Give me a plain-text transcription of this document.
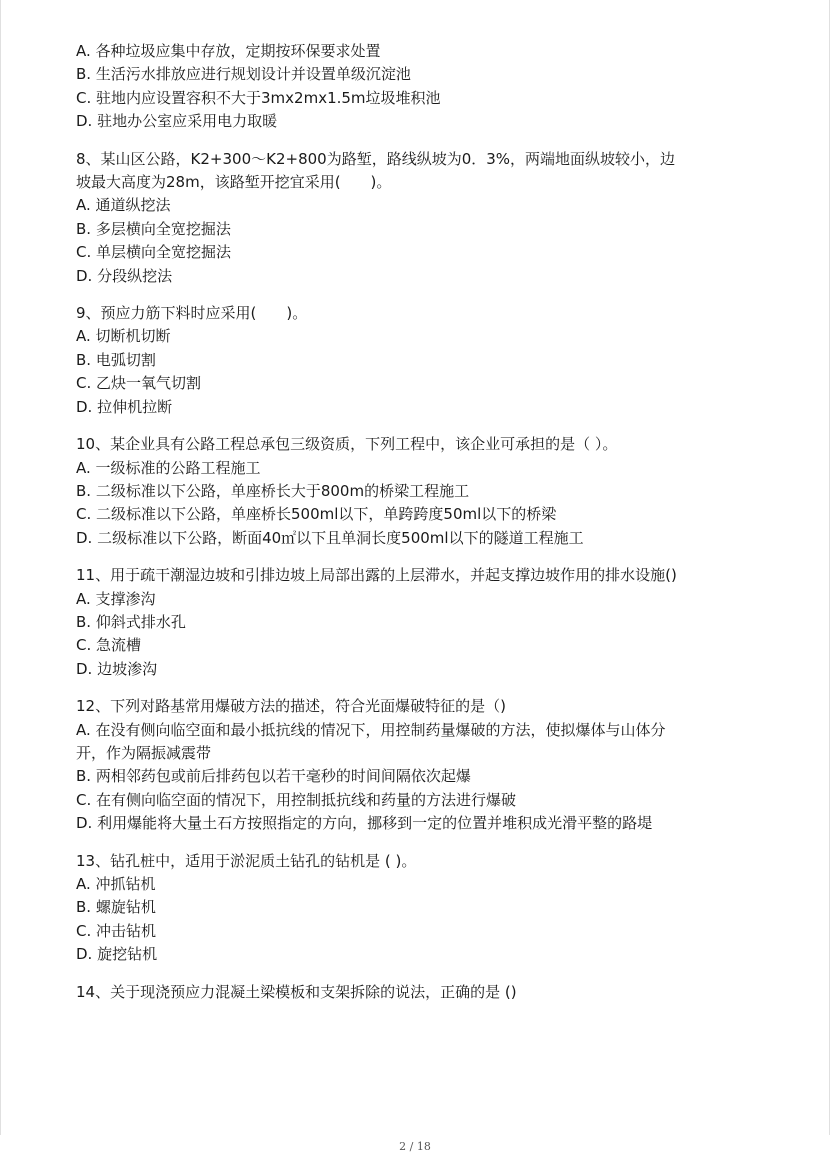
A. 各种垃圾应集中存放，定期按环保要求处置
B. 生活污水排放应进行规划设计并设置单级沉淀池
C. 驻地内应设置容积不大于3mx2mx1.5m垃圾堆积池
D. 驻地办公室应采用电力取暖
8、某山区公路，K2+300～K2+800为路堑，路线纵坡为0．3%，两端地面纵坡较小，边
坡最大高度为28m，该路堑开挖宜采用(　　)。
A. 通道纵挖法
B. 多层横向全宽挖掘法
C. 单层横向全宽挖掘法
D. 分段纵挖法
9、预应力筋下料时应采用(　　)。
A. 切断机切断
B. 电弧切割
C. 乙炔一氧气切割
D. 拉伸机拉断
10、某企业具有公路工程总承包三级资质，下列工程中，该企业可承担的是（ ）。
A. 一级标准的公路工程施工
B. 二级标准以下公路，单座桥长大于800m的桥梁工程施工
C. 二级标准以下公路，单座桥长500ml以下，单跨跨度50ml以下的桥梁
D. 二级标准以下公路，断面40㎡以下且单洞长度500ml以下的隧道工程施工
11、用于疏干潮湿边坡和引排边坡上局部出露的上层滞水，并起支撑边坡作用的排水设施()
A. 支撑渗沟
B. 仰斜式排水孔
C. 急流槽
D. 边坡渗沟
12、下列对路基常用爆破方法的描述，符合光面爆破特征的是（)
A. 在没有侧向临空面和最小抵抗线的情况下，用控制药量爆破的方法，使拟爆体与山体分
开，作为隔振减震带
B. 两相邻药包或前后排药包以若干毫秒的时间间隔依次起爆
C. 在有侧向临空面的情况下，用控制抵抗线和药量的方法进行爆破
D. 利用爆能将大量土石方按照指定的方向，挪移到一定的位置并堆积成光滑平整的路堤
13、钻孔桩中，适用于淤泥质土钻孔的钻机是 ( )。
A. 冲抓钻机
B. 螺旋钻机
C. 冲击钻机
D. 旋挖钻机
14、关于现浇预应力混凝土梁模板和支架拆除的说法，正确的是 ()
2 / 18
